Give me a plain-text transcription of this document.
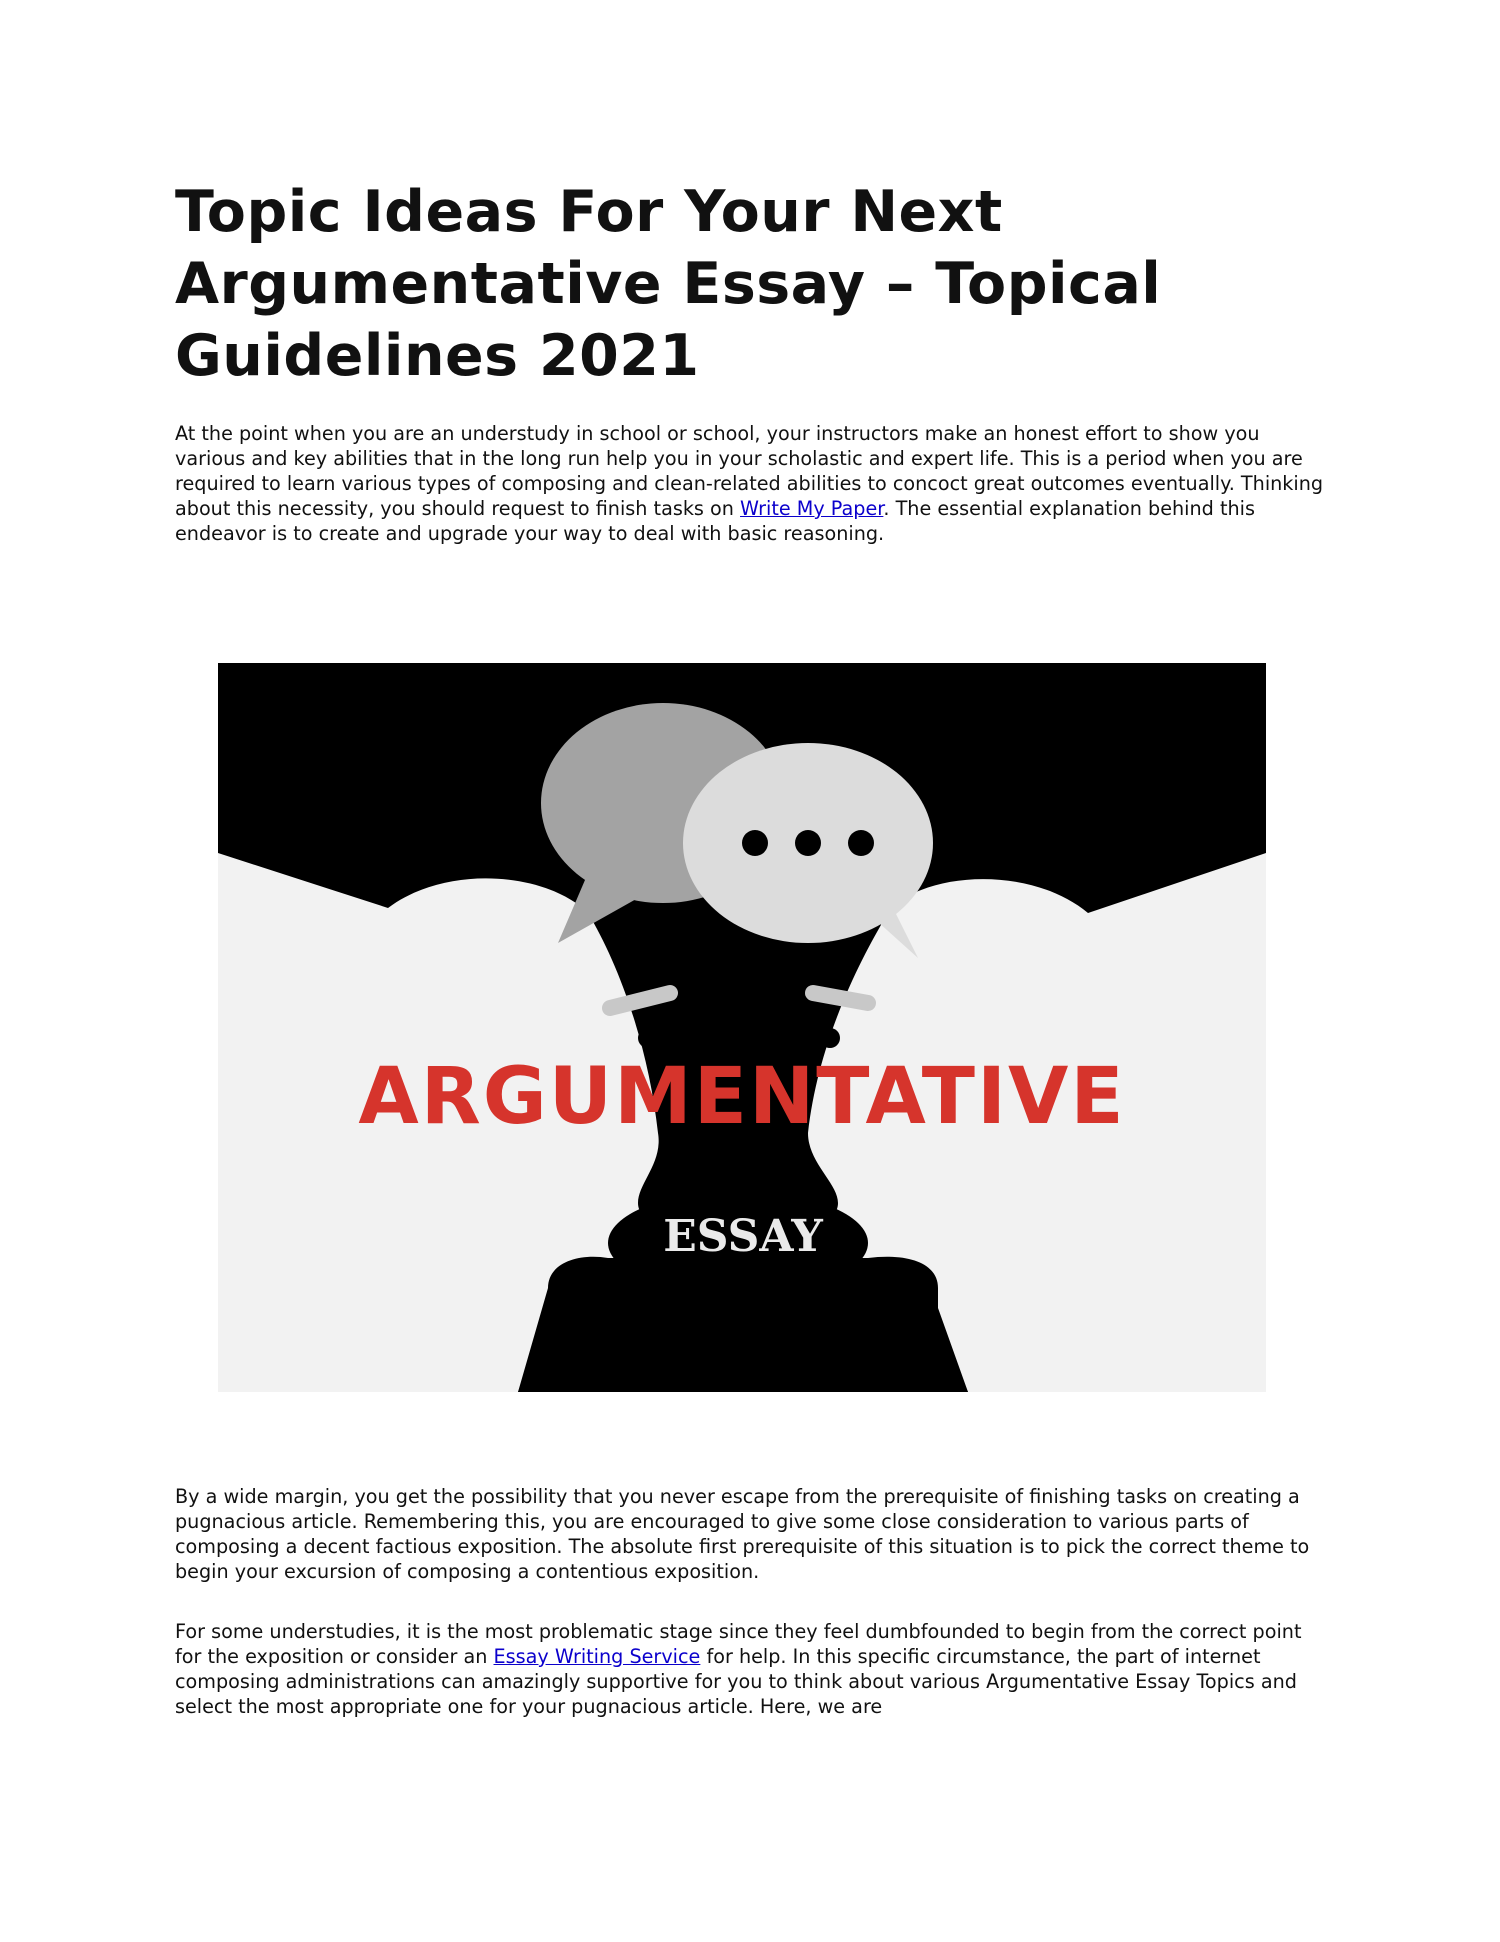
Topic Ideas For Your Next Argumentative Essay – Topical Guidelines 2021

At the point when you are an understudy in school or school, your instructors make an honest effort to show you various and key abilities that in the long run help you in your scholastic and expert life. This is a period when you are required to learn various types of composing and clean-related abilities to concoct great outcomes eventually. Thinking about this necessity, you should request to finish tasks on Write My Paper. The essential explanation behind this endeavor is to create and upgrade your way to deal with basic reasoning.

ARGUMENTATIVE
ESSAY

By a wide margin, you get the possibility that you never escape from the prerequisite of finishing tasks on creating a pugnacious article. Remembering this, you are encouraged to give some close consideration to various parts of composing a decent factious exposition. The absolute first prerequisite of this situation is to pick the correct theme to begin your excursion of composing a contentious exposition.

For some understudies, it is the most problematic stage since they feel dumbfounded to begin from the correct point for the exposition or consider an Essay Writing Service for help. In this specific circumstance, the part of internet composing administrations can amazingly supportive for you to think about various Argumentative Essay Topics and select the most appropriate one for your pugnacious article. Here, we are
